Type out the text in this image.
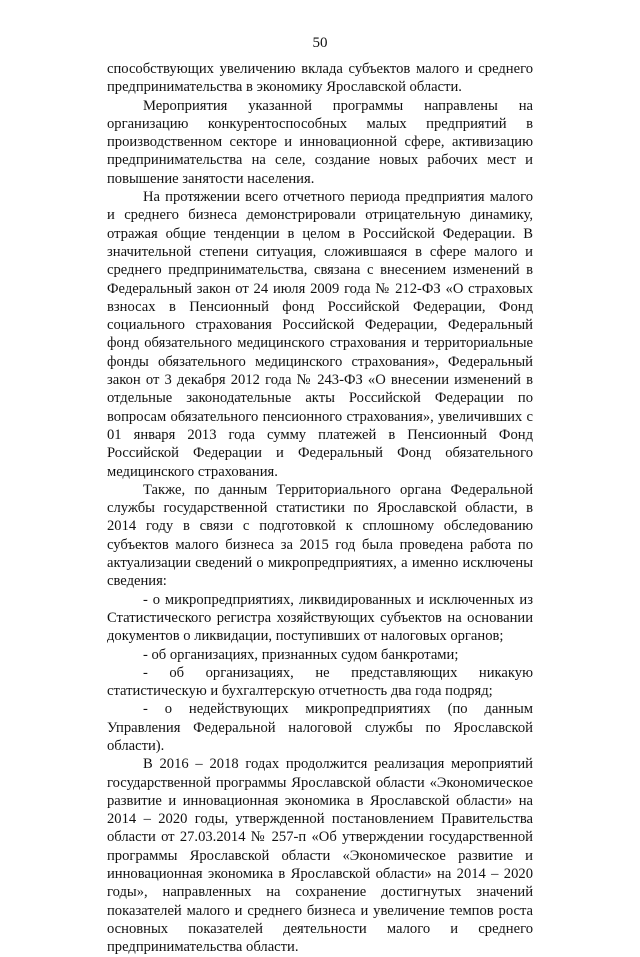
50

способствующих увеличению вклада субъектов малого и среднего предпринимательства в экономику Ярославской области.

Мероприятия указанной программы направлены на организацию конкурентоспособных малых предприятий в производственном секторе и инновационной сфере, активизацию предпринимательства на селе, создание новых рабочих мест и повышение занятости населения.

На протяжении всего отчетного периода предприятия малого и среднего бизнеса демонстрировали отрицательную динамику, отражая общие тенденции в целом в Российской Федерации. В значительной степени ситуация, сложившаяся в сфере малого и среднего предпринимательства, связана с внесением изменений в Федеральный закон от 24 июля 2009 года № 212-ФЗ «О страховых взносах в Пенсионный фонд Российской Федерации, Фонд социального страхования Российской Федерации, Федеральный фонд обязательного медицинского страхования и территориальные фонды обязательного медицинского страхования», Федеральный закон от 3 декабря 2012 года № 243-ФЗ «О внесении изменений в отдельные законодательные акты Российской Федерации по вопросам обязательного пенсионного страхования», увеличивших с 01 января 2013 года сумму платежей в Пенсионный Фонд Российской Федерации и Федеральный Фонд обязательного медицинского страхования.

Также, по данным Территориального органа Федеральной службы государственной статистики по Ярославской области, в 2014 году в связи с подготовкой к сплошному обследованию субъектов малого бизнеса за 2015 год была проведена работа по актуализации сведений о микропредприятиях, а именно исключены сведения:

- о микропредприятиях, ликвидированных и исключенных из Статистического регистра хозяйствующих субъектов на основании документов о ликвидации, поступивших от налоговых органов;

- об организациях, признанных судом банкротами;

- об организациях, не представляющих никакую статистическую и бухгалтерскую отчетность два года подряд;

- о недействующих микропредприятиях (по данным Управления Федеральной налоговой службы по Ярославской области).

В 2016 – 2018 годах продолжится реализация мероприятий государственной программы Ярославской области «Экономическое развитие и инновационная экономика в Ярославской области» на 2014 – 2020 годы, утвержденной постановлением Правительства области от 27.03.2014 № 257-п «Об утверждении государственной программы Ярославской области «Экономическое развитие и инновационная экономика в Ярославской области» на 2014 – 2020 годы», направленных на сохранение достигнутых значений показателей малого и среднего бизнеса и увеличение темпов роста основных показателей деятельности малого и среднего предпринимательства области.
